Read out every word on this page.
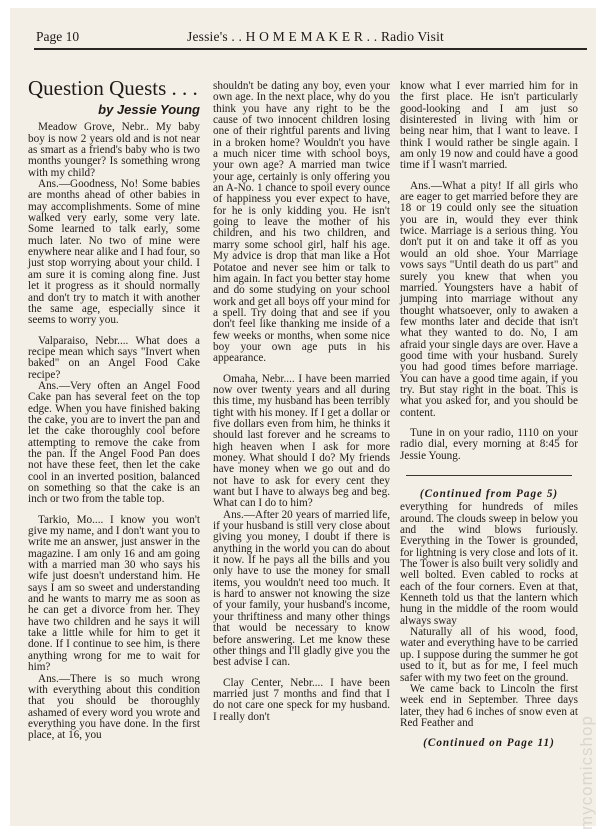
Page 10	Jessie's . . H O M E M A K E R . . Radio Visit
Question Quests . . .
by Jessie Young

Meadow Grove, Nebr.. My baby boy is now 2 years old and is not near as smart as a friend's baby who is two months younger? Is something wrong with my child?

Ans.—Goodness, No! Some babies are months ahead of other babies in may accomplishments. Some of mine walked very early, some very late. Some learned to talk early, some much later. No two of mine were enywhere near alike and I had four, so just stop worrying about your child. I am sure it is coming along fine. Just let it progress as it should normally and don't try to match it with another the same age, especially since it seems to worry you.

Valparaiso, Nebr.... What does a recipe mean which says "Invert when baked" on an Angel Food Cake recipe?

Ans.—Very often an Angel Food Cake pan has several feet on the top edge. When you have finished baking the cake, you are to invert the pan and let the cake thoroughly cool before attempting to remove the cake from the pan. If the Angel Food Pan does not have these feet, then let the cake cool in an inverted position, balanced on something so that the cake is an inch or two from the table top.

Tarkio, Mo.... I know you won't give my name, and I don't want you to write me an answer, just answer in the magazine. I am only 16 and am going with a married man 30 who says his wife just doesn't understand him. He says I am so sweet and understanding and he wants to marry me as soon as he can get a divorce from her. They have two children and he says it will take a little while for him to get it done. If I continue to see him, is there anything wrong for me to wait for him?

Ans.—There is so much wrong with everything about this condition that you should be thoroughly ashamed of every word you wrote and everything you have done. In the first place, at 16, you

shouldn't be dating any boy, even your own age. In the next place, why do you think you have any right to be the cause of two innocent children losing one of their rightful parents and living in a broken home? Wouldn't you have a much nicer time with school boys, your own age? A married man twice your age, certainly is only offering you an A-No. 1 chance to spoil every ounce of happiness you ever expect to have, for he is only kidding you. He isn't going to leave the mother of his children, and his two children, and marry some school girl, half his age. My advice is drop that man like a Hot Potatoe and never see him or talk to him again. In fact you better stay home and do some studying on your school work and get all boys off your mind for a spell. Try doing that and see if you don't feel like thanking me inside of a few weeks or months, when some nice boy your own age puts in his appearance.

Omaha, Nebr.... I have been married now over twenty years and all during this time, my husband has been terribly tight with his money. If I get a dollar or five dollars even from him, he thinks it should last forever and he screams to high heaven when I ask for more money. What should I do? My friends have money when we go out and do not have to ask for every cent they want but I have to always beg and beg. What can I do to him?

Ans.—After 20 years of married life, if your husband is still very close about giving you money, I doubt if there is anything in the world you can do about it now. If he pays all the bills and you only have to use the money for small items, you wouldn't need too much. It is hard to answer not knowing the size of your family, your husband's income, your thriftiness and many other things that would be necessary to know before answering. Let me know these other things and I'll gladly give you the best advise I can.

Clay Center, Nebr.... I have been married just 7 months and find that I do not care one speck for my husband. I really don't

know what I ever married him for in the first place. He isn't particularly good-looking and I am just so disinterested in living with him or being near him, that I want to leave. I think I would rather be single again. I am only 19 now and could have a good time if I wasn't married.

Ans.—What a pity! If all girls who are eager to get married before they are 18 or 19 could only see the situation you are in, would they ever think twice. Marriage is a serious thing. You don't put it on and take it off as you would an old shoe. Your Marriage vows says "Until death do us part" and surely you knew that when you married. Youngsters have a habit of jumping into marriage without any thought whatsoever, only to awaken a few months later and decide that isn't what they wanted to do. No, I am afraid your single days are over. Have a good time with your husband. Surely you had good times before marriage. You can have a good time again, if you try. But stay right in the boat. This is what you asked for, and you should be content.

Tune in on your radio, 1110 on your radio dial, every morning at 8:45 for Jessie Young.

(Continued from Page 5)

everything for hundreds of miles around. The clouds sweep in below you and the wind blows furiously. Everything in the Tower is grounded, for lightning is very close and lots of it. The Tower is also built very solidly and well bolted. Even cabled to rocks at each of the four corners. Even at that, Kenneth told us that the lantern which hung in the middle of the room would always sway

Naturally all of his wood, food, water and everything have to be carried up. I suppose during the summer he got used to it, but as for me, I feel much safer with my two feet on the ground.

We came back to Lincoln the first week end in September. Three days later, they had 6 inches of snow even at Red Feather and

(Continued on Page 11)	mycomicshop
